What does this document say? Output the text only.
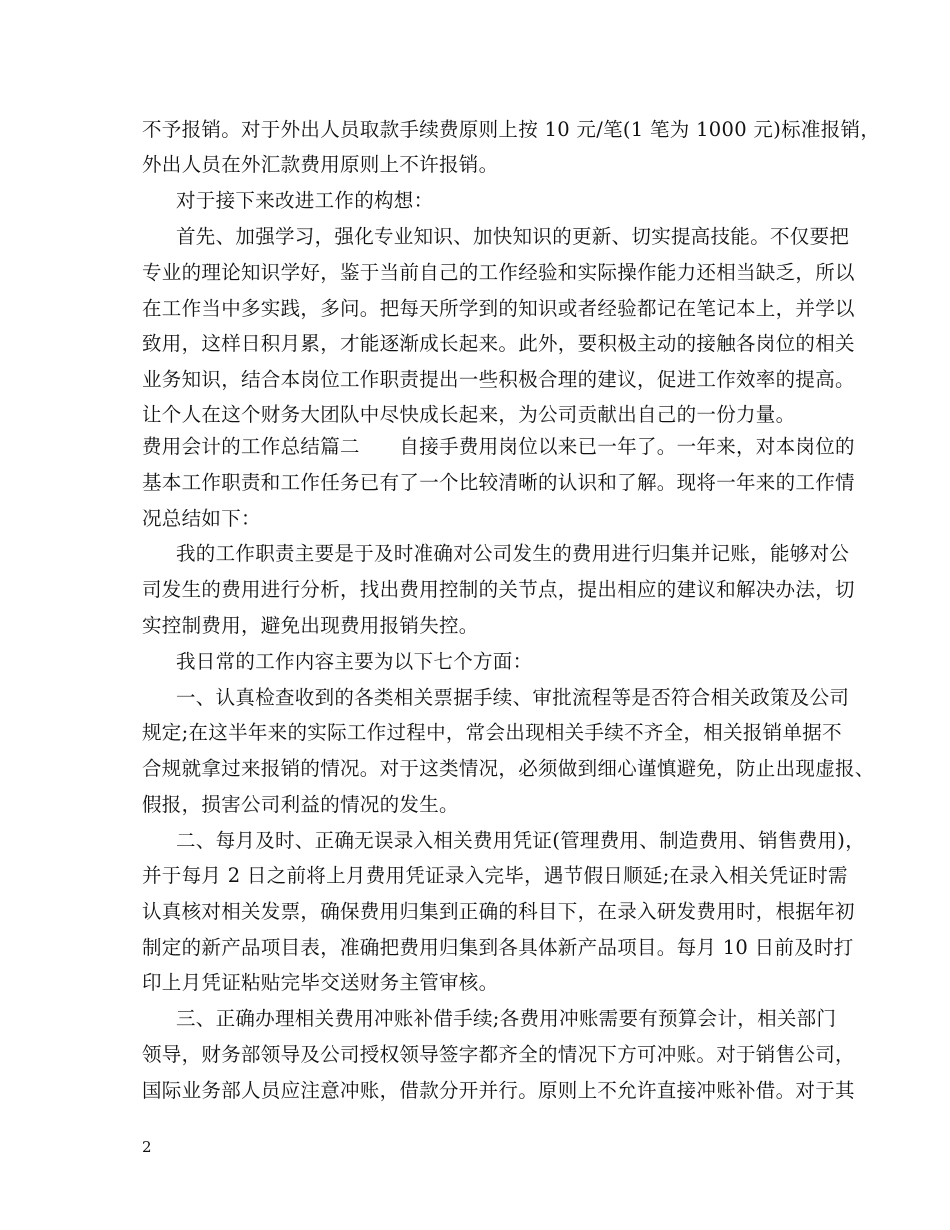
不予报销。对于外出人员取款手续费原则上按 10 元/笔(1 笔为 1000 元)标准报销，
外出人员在外汇款费用原则上不许报销。
对于接下来改进工作的构想：
首先、加强学习，强化专业知识、加快知识的更新、切实提高技能。不仅要把
专业的理论知识学好，鉴于当前自己的工作经验和实际操作能力还相当缺乏，所以
在工作当中多实践，多问。把每天所学到的知识或者经验都记在笔记本上，并学以
致用，这样日积月累，才能逐渐成长起来。此外，要积极主动的接触各岗位的相关
业务知识，结合本岗位工作职责提出一些积极合理的建议，促进工作效率的提高。
让个人在这个财务大团队中尽快成长起来，为公司贡献出自己的一份力量。
费用会计的工作总结篇二　　自接手费用岗位以来已一年了。一年来，对本岗位的
基本工作职责和工作任务已有了一个比较清晰的认识和了解。现将一年来的工作情
况总结如下：
我的工作职责主要是于及时准确对公司发生的费用进行归集并记账，能够对公
司发生的费用进行分析，找出费用控制的关节点，提出相应的建议和解决办法，切
实控制费用，避免出现费用报销失控。
我日常的工作内容主要为以下七个方面：
一、认真检查收到的各类相关票据手续、审批流程等是否符合相关政策及公司
规定;在这半年来的实际工作过程中，常会出现相关手续不齐全，相关报销单据不
合规就拿过来报销的情况。对于这类情况，必须做到细心谨慎避免，防止出现虚报、
假报，损害公司利益的情况的发生。
二、每月及时、正确无误录入相关费用凭证(管理费用、制造费用、销售费用)，
并于每月 2 日之前将上月费用凭证录入完毕，遇节假日顺延;在录入相关凭证时需
认真核对相关发票，确保费用归集到正确的科目下，在录入研发费用时，根据年初
制定的新产品项目表，准确把费用归集到各具体新产品项目。每月 10 日前及时打
印上月凭证粘贴完毕交送财务主管审核。
三、正确办理相关费用冲账补借手续;各费用冲账需要有预算会计，相关部门
领导，财务部领导及公司授权领导签字都齐全的情况下方可冲账。对于销售公司，
国际业务部人员应注意冲账，借款分开并行。原则上不允许直接冲账补借。对于其
2
